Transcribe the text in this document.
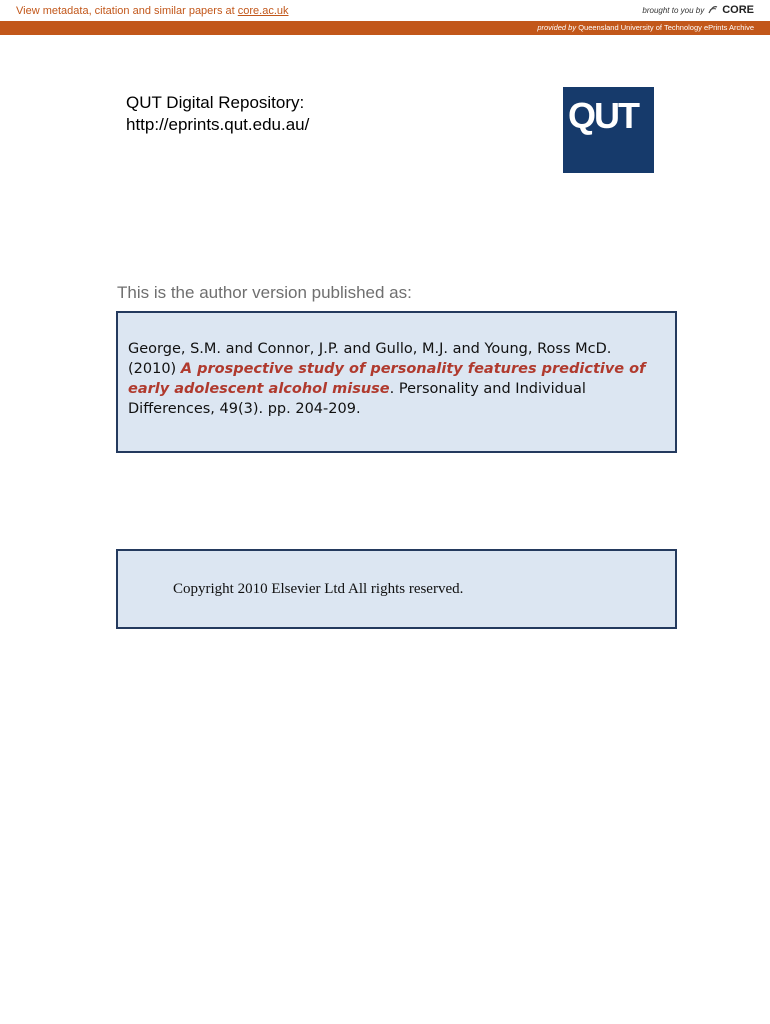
View metadata, citation and similar papers at core.ac.uk	brought to you by CORE
provided by Queensland University of Technology ePrints Archive
QUT Digital Repository:
http://eprints.qut.edu.au/	QUT
This is the author version published as:
George, S.M. and Connor, J.P. and Gullo, M.J. and Young, Ross McD. (2010) A prospective study of personality features predictive of early adolescent alcohol misuse. Personality and Individual Differences, 49(3). pp. 204-209.
Copyright 2010 Elsevier Ltd All rights reserved.
